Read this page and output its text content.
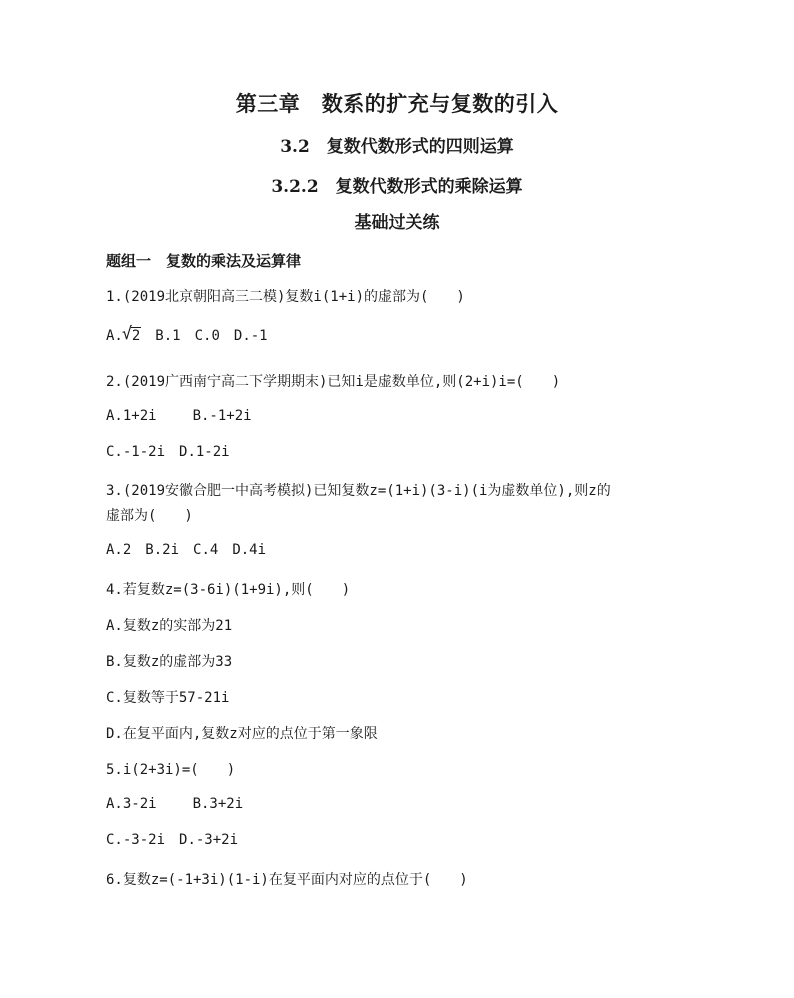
第三章　数系的扩充与复数的引入
3.2　复数代数形式的四则运算
3.2.2　复数代数形式的乘除运算
基础过关练
题组一　复数的乘法及运算律
1.(2019北京朝阳高三二模)复数i(1+i)的虚部为(　　)
A. √ 2 B.1 C.0 D.-1
2.(2019广西南宁高二下学期期末)已知i是虚数单位,则(2+i)i=(　　)
A.1+2i	B.-1+2i
C.-1-2i D.1-2i
3.(2019安徽合肥一中高考模拟)已知复数z=(1+i)(3-i)(i为虚数单位),则z的
虚部为(　　)
A.2 B.2i C.4 D.4i
4.若复数z=(3-6i)(1+9i),则(　　)
A.复数z的实部为21
B.复数z的虚部为33
C.复数等于57-21i
D.在复平面内,复数z对应的点位于第一象限
5.i(2+3i)=(　　)
A.3-2i	B.3+2i
C.-3-2i D.-3+2i
6.复数z=(-1+3i)(1-i)在复平面内对应的点位于(　　)
